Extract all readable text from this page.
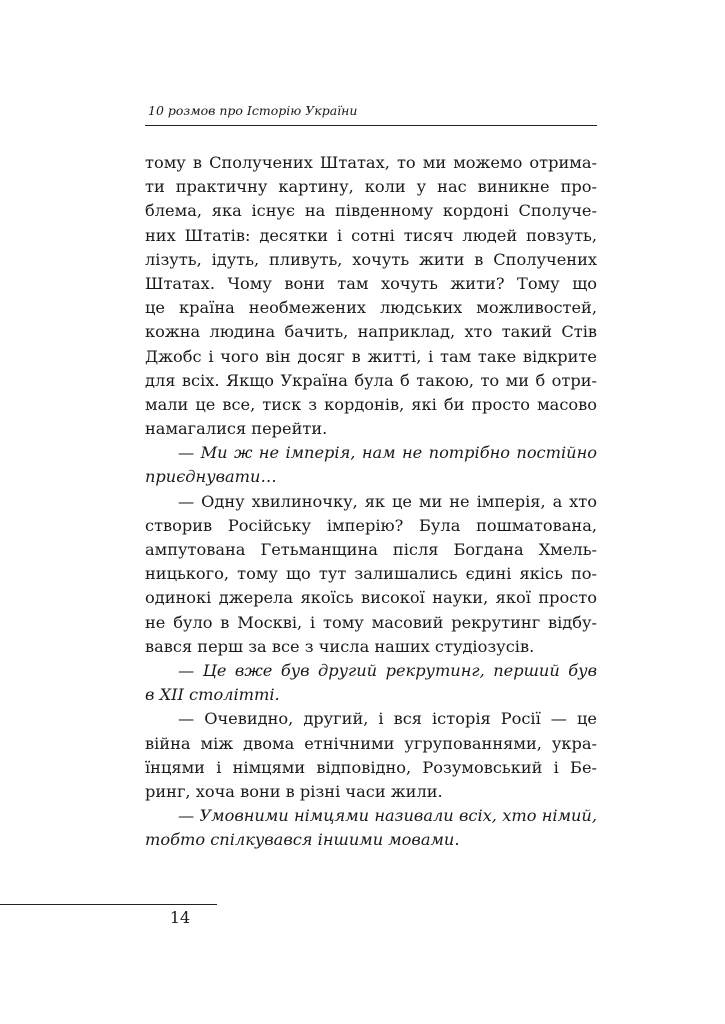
10 розмов про Історію України
тому в Сполучених Штатах, то ми можемо отрима-
ти практичну картину, коли у нас виникне про-
блема, яка існує на південному кордоні Сполуче-
них Штатів: десятки і сотні тисяч людей повзуть,
лізуть, ідуть, пливуть, хочуть жити в Сполучених
Штатах. Чому вони там хочуть жити? Тому що
це країна необмежених людських можливостей,
кожна людина бачить, наприклад, хто такий Стів
Джобс і чого він досяг в житті, і там таке відкрите
для всіх. Якщо Україна була б такою, то ми б отри-
мали це все, тиск з кордонів, які би просто масово
намагалися перейти.
— Ми ж не імперія, нам не потрібно постійно
приєднувати…
— Одну хвилиночку, як це ми не імперія, а хто
створив Російську імперію? Була пошматована,
ампутована Гетьманщина після Богдана Хмель-
ницького, тому що тут залишались єдині якісь по-
одинокі джерела якоїсь високої науки, якої просто
не було в Москві, і тому масовий рекрутинг відбу-
вався перш за все з числа наших студіозусів.
— Це вже був другий рекрутинг, перший був
в XII столітті.
— Очевидно, другий, і вся історія Росії — це
війна між двома етнічними угрупованнями, укра-
їнцями і німцями відповідно, Розумовський і Бе-
ринг, хоча вони в різні часи жили.
— Умовними німцями називали всіх, хто німий,
тобто спілкувався іншими мовами.
14
